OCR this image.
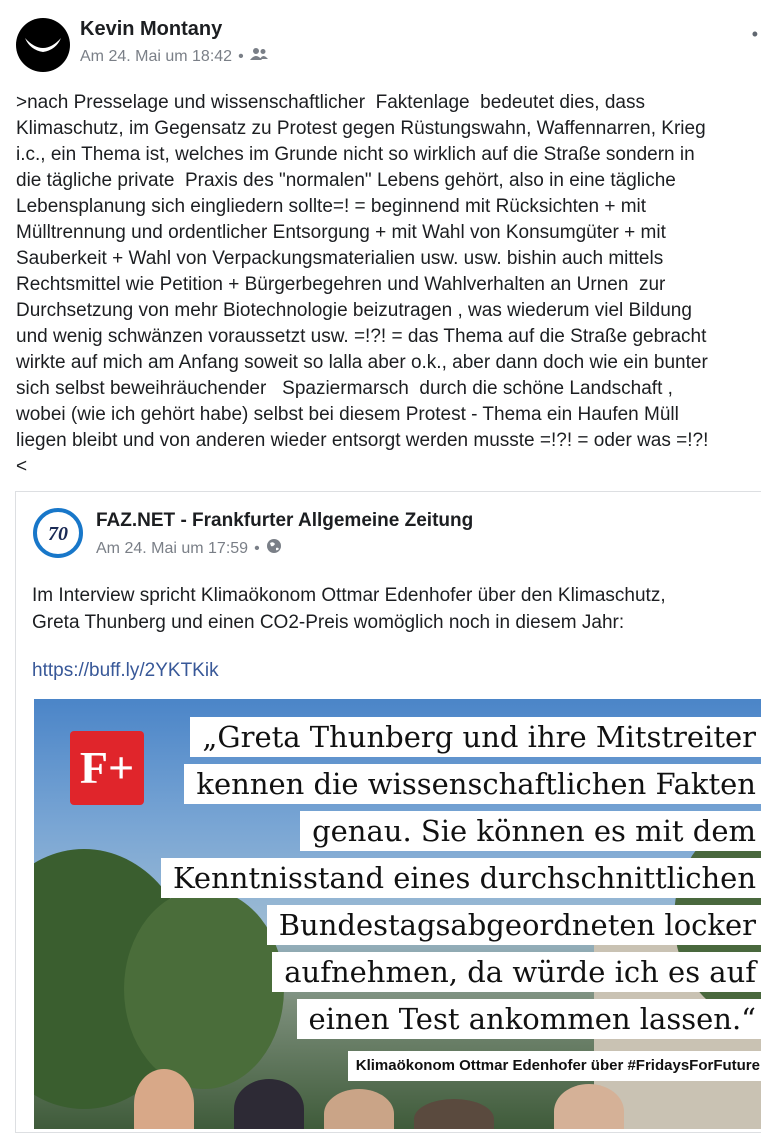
Kevin Montany
Am 24. Mai um 18:42 •
•
>nach Presselage und wissenschaftlicher  Faktenlage  bedeutet dies, dass
Klimaschutz, im Gegensatz zu Protest gegen Rüstungswahn, Waffennarren, Krieg
i.c., ein Thema ist, welches im Grunde nicht so wirklich auf die Straße sondern in
die tägliche private  Praxis des "normalen" Lebens gehört, also in eine tägliche
Lebensplanung sich eingliedern sollte=! = beginnend mit Rücksichten + mit
Mülltrennung und ordentlicher Entsorgung + mit Wahl von Konsumgüter + mit
Sauberkeit + Wahl von Verpackungsmaterialien usw. usw. bishin auch mittels
Rechtsmittel wie Petition + Bürgerbegehren und Wahlverhalten an Urnen  zur
Durchsetzung von mehr Biotechnologie beizutragen , was wiederum viel Bildung
und wenig schwänzen voraussetzt usw. =!?! = das Thema auf die Straße gebracht
wirkte auf mich am Anfang soweit so lalla aber o.k., aber dann doch wie ein bunter
sich selbst beweihräuchender   Spaziermarsch  durch die schöne Landschaft ,
wobei (wie ich gehört habe) selbst bei diesem Protest - Thema ein Haufen Müll
liegen bleibt und von anderen wieder entsorgt werden musste =!?! = oder was =!?!
<
70
FAZ.NET - Frankfurter Allgemeine Zeitung
Am 24. Mai um 17:59 •
Im Interview spricht Klimaökonom Ottmar Edenhofer über den Klimaschutz,
Greta Thunberg und einen CO2-Preis womöglich noch in diesem Jahr:
https://buff.ly/2YKTKik
F+
„Greta Thunberg und ihre Mitstreiter
kennen die wissenschaftlichen Fakten
genau. Sie können es mit dem
Kenntnisstand eines durchschnittlichen
Bundestagsabgeordneten locker
aufnehmen, da würde ich es auf
einen Test ankommen lassen.“
Klimaökonom Ottmar Edenhofer über #FridaysForFuture
